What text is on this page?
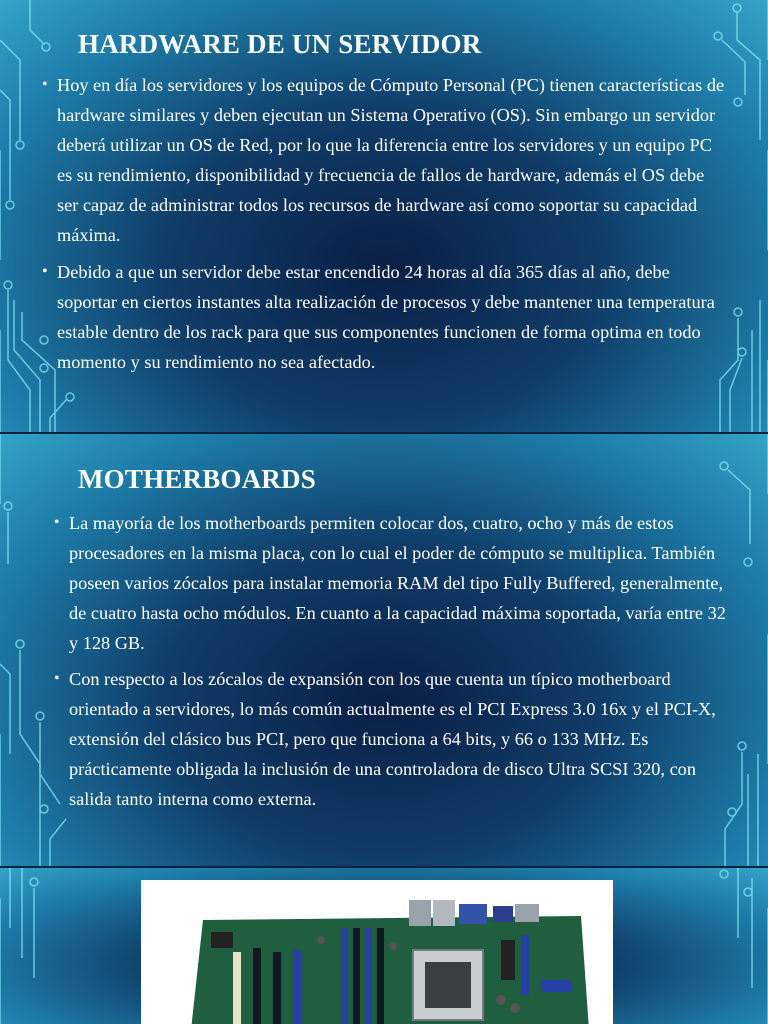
HARDWARE DE UN SERVIDOR
• Hoy en día los servidores y los equipos de Cómputo Personal (PC) tienen características de hardware similares y deben ejecutan un Sistema Operativo (OS). Sin embargo un servidor deberá utilizar un OS de Red, por lo que la diferencia entre los servidores y un equipo PC es su rendimiento, disponibilidad y frecuencia de fallos de hardware, además el OS debe ser capaz de administrar todos los recursos de hardware así como soportar su capacidad máxima.
• Debido a que un servidor debe estar encendido 24 horas al día 365 días al año, debe soportar en ciertos instantes alta realización de procesos y debe mantener una temperatura estable dentro de los rack para que sus componentes funcionen de forma optima en todo momento y su rendimiento no sea afectado.
MOTHERBOARDS
• La mayoría de los motherboards permiten colocar dos, cuatro, ocho y más de estos procesadores en la misma placa, con lo cual el poder de cómputo se multiplica. También poseen varios zócalos para instalar memoria RAM del tipo Fully Buffered, generalmente, de cuatro hasta ocho módulos. En cuanto a la capacidad máxima soportada, varía entre 32 y 128 GB.
• Con respecto a los zócalos de expansión con los que cuenta un típico motherboard orientado a servidores, lo más común actualmente es el PCI Express 3.0 16x y el PCI-X, extensión del clásico bus PCI, pero que funciona a 64 bits, y 66 o 133 MHz. Es prácticamente obligada la inclusión de una controladora de disco Ultra SCSI 320, con salida tanto interna como externa.
